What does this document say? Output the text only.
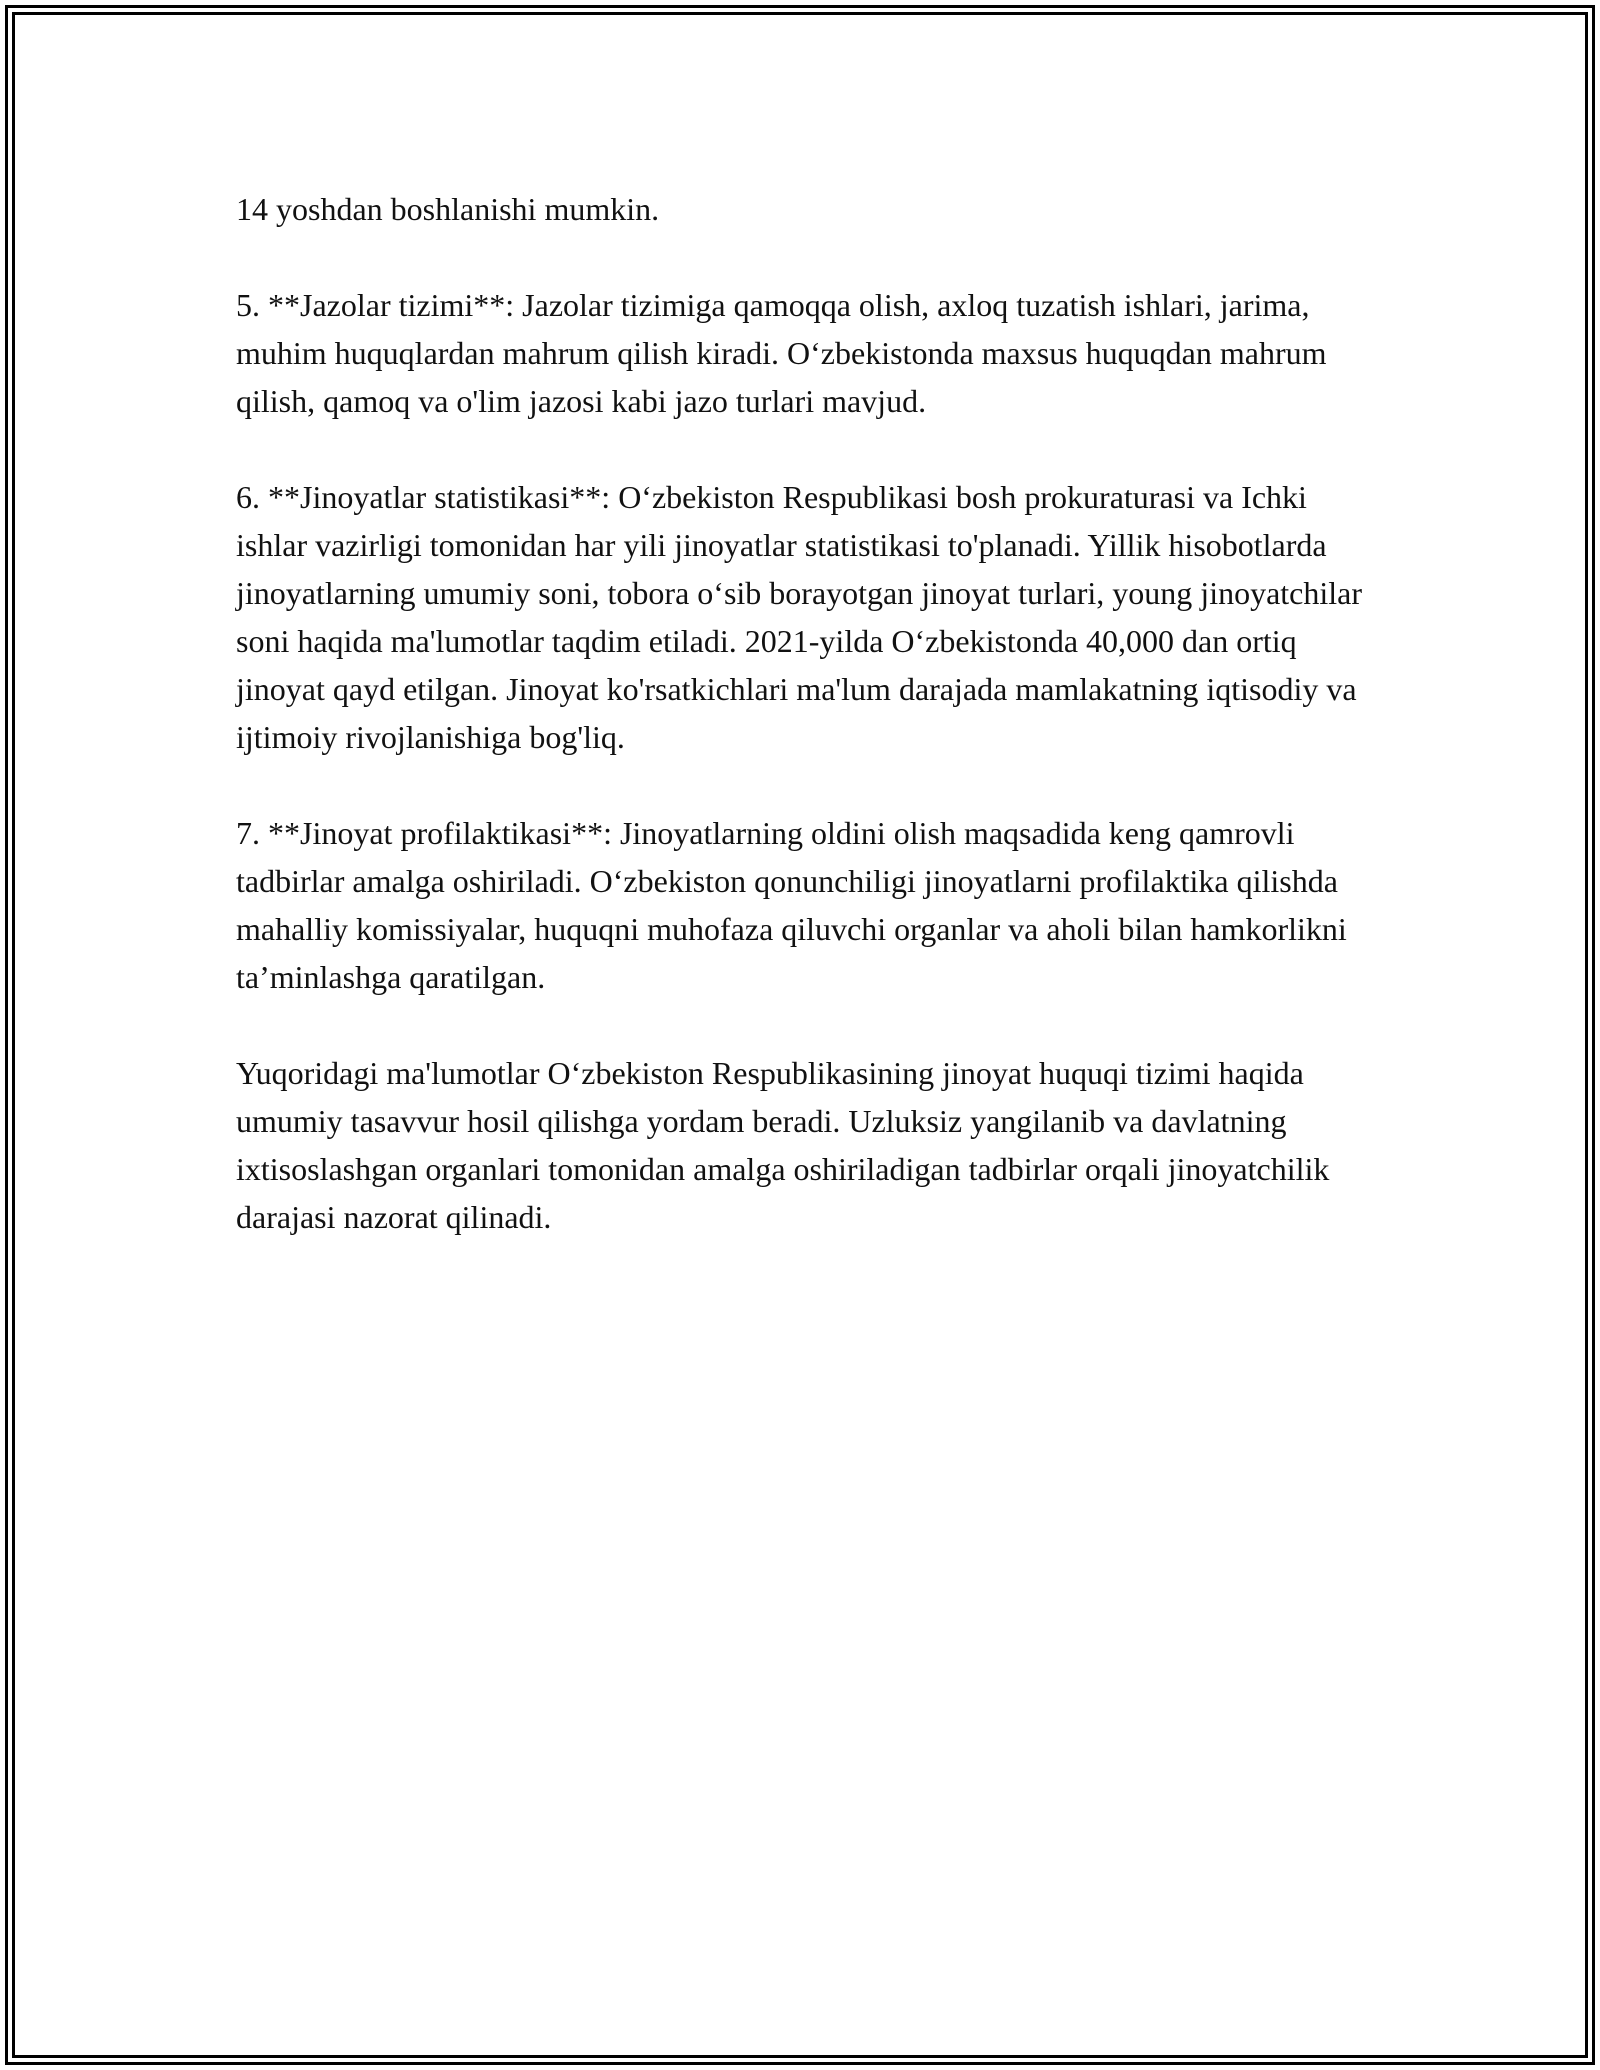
14 yoshdan boshlanishi mumkin.

5. **Jazolar tizimi**: Jazolar tizimiga qamoqqa olish, axloq tuzatish ishlari, jarima, muhim huquqlardan mahrum qilish kiradi. O‘zbekistonda maxsus huquqdan mahrum qilish, qamoq va o'lim jazosi kabi jazo turlari mavjud.

6. **Jinoyatlar statistikasi**: O‘zbekiston Respublikasi bosh prokuraturasi va Ichki ishlar vazirligi tomonidan har yili jinoyatlar statistikasi to'planadi. Yillik hisobotlarda jinoyatlarning umumiy soni, tobora o‘sib borayotgan jinoyat turlari, young jinoyatchilar soni haqida ma'lumotlar taqdim etiladi. 2021-yilda O‘zbekistonda 40,000 dan ortiq jinoyat qayd etilgan. Jinoyat ko'rsatkichlari ma'lum darajada mamlakatning iqtisodiy va ijtimoiy rivojlanishiga bog'liq.

7. **Jinoyat profilaktikasi**: Jinoyatlarning oldini olish maqsadida keng qamrovli tadbirlar amalga oshiriladi. O‘zbekiston qonunchiligi jinoyatlarni profilaktika qilishda mahalliy komissiyalar, huquqni muhofaza qiluvchi organlar va aholi bilan hamkorlikni ta’minlashga qaratilgan.

Yuqoridagi ma'lumotlar O‘zbekiston Respublikasining jinoyat huquqi tizimi haqida umumiy tasavvur hosil qilishga yordam beradi. Uzluksiz yangilanib va davlatning ixtisoslashgan organlari tomonidan amalga oshiriladigan tadbirlar orqali jinoyatchilik darajasi nazorat qilinadi.
